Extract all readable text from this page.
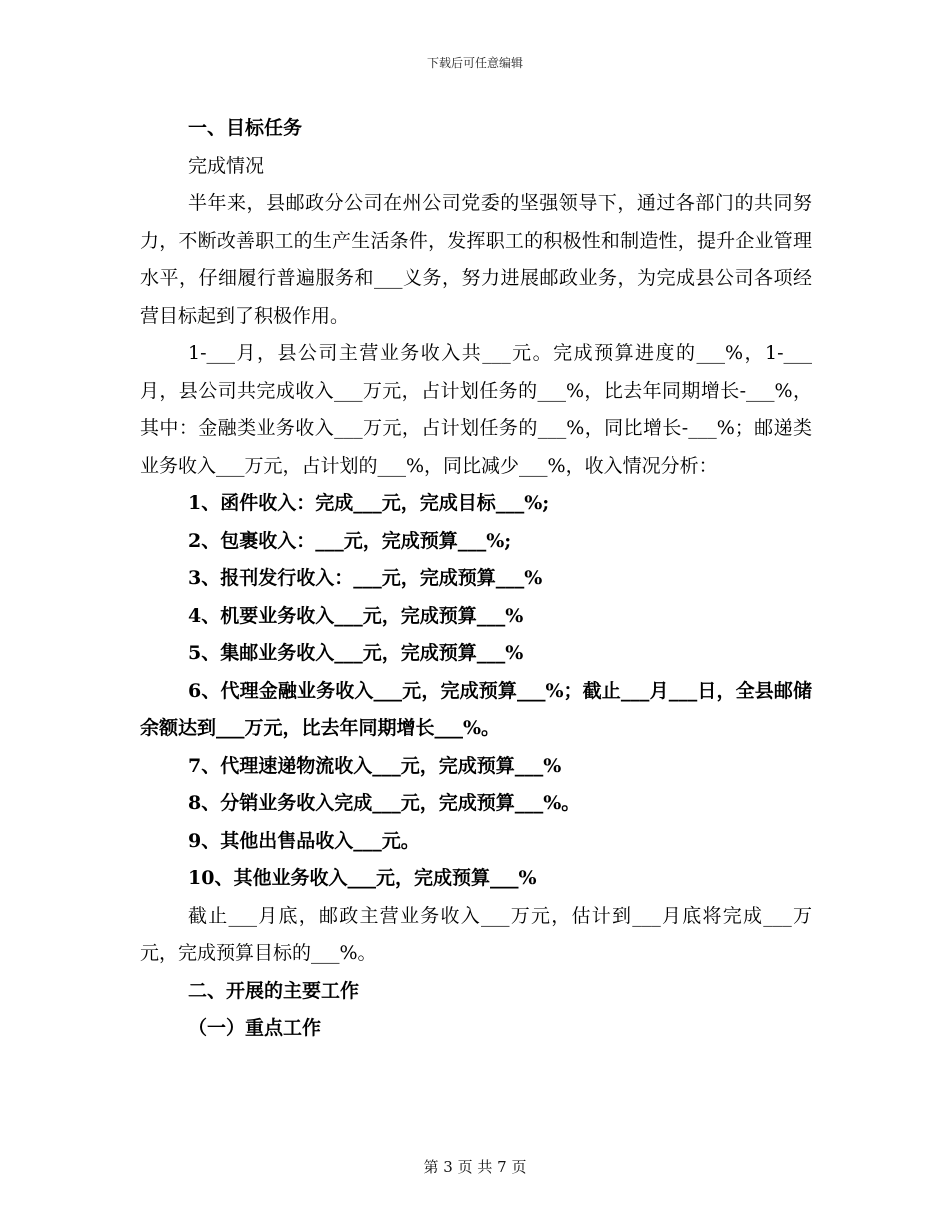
下载后可任意编辑

一、目标任务

完成情况

半年来，县邮政分公司在州公司党委的坚强领导下，通过各部门的共同努力，不断改善职工的生产生活条件，发挥职工的积极性和制造性，提升企业管理水平，仔细履行普遍服务和___义务，努力进展邮政业务，为完成县公司各项经营目标起到了积极作用。

1-___月，县公司主营业务收入共___元。完成预算进度的___%，1-___月，县公司共完成收入___万元，占计划任务的___%，比去年同期增长-___%，其中：金融类业务收入___万元，占计划任务的___%，同比增长-___%；邮递类业务收入___万元，占计划的___%，同比减少___%，收入情况分析：

1、函件收入：完成___元，完成目标___%;

2、包裹收入：___元，完成预算___%;

3、报刊发行收入：___元，完成预算___%

4、机要业务收入___元，完成预算___%

5、集邮业务收入___元，完成预算___%

6、代理金融业务收入___元，完成预算___%；截止___月___日，全县邮储余额达到___万元，比去年同期增长___%。

7、代理速递物流收入___元，完成预算___%

8、分销业务收入完成___元，完成预算___%。

9、其他出售品收入___元。

10、其他业务收入___元，完成预算___%

截止___月底，邮政主营业务收入___万元，估计到___月底将完成___万元，完成预算目标的___%。

二、开展的主要工作

（一）重点工作

第 3 页 共 7 页
